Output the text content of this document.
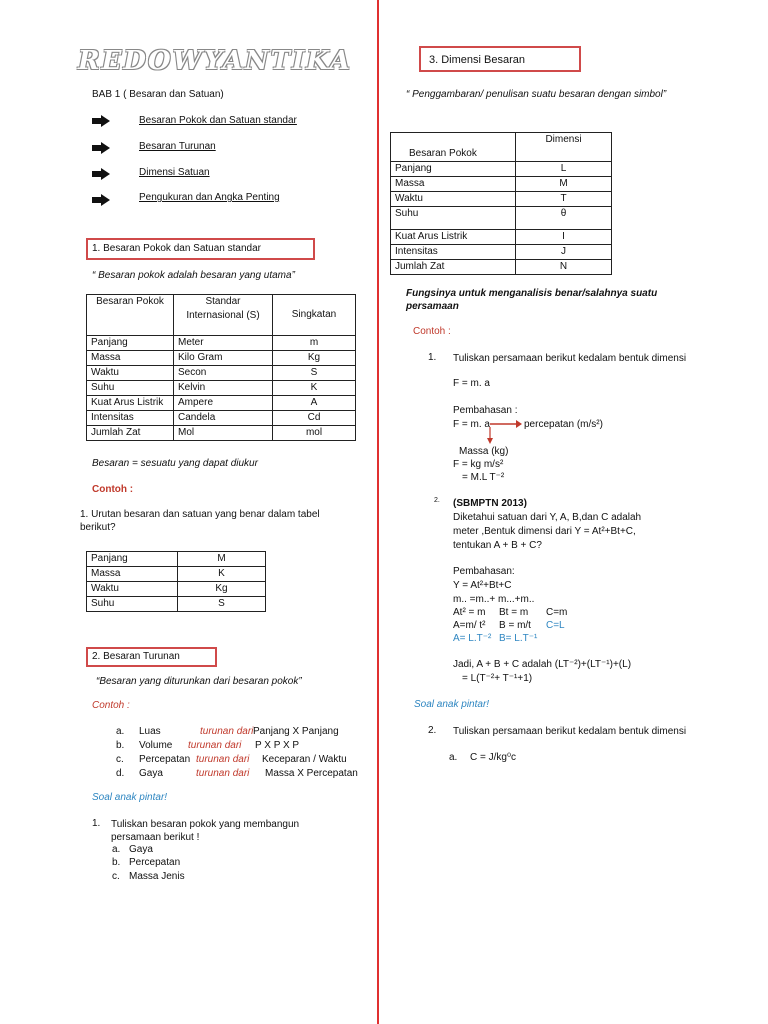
REDOWYANTIKA
BAB 1 ( Besaran dan Satuan)
Besaran Pokok dan Satuan standar
Besaran Turunan
Dimensi Satuan
Pengukuran dan Angka Penting
1. Besaran Pokok dan Satuan standar
“ Besaran pokok adalah besaran yang utama”
Besaran Pokok	Standar Internasional (S)	Singkatan
Panjang	Meter	m
Massa	Kilo Gram	Kg
Waktu	Secon	S
Suhu	Kelvin	K
Kuat Arus Listrik	Ampere	A
Intensitas	Candela	Cd
Jumlah Zat	Mol	mol
Besaran = sesuatu yang dapat diukur
Contoh :
1. Urutan besaran dan satuan yang benar dalam tabel berikut?
Panjang	M
Massa	K
Waktu	Kg
Suhu	S
2. Besaran Turunan
“Besaran yang diturunkan dari besaran pokok”
Contoh :
a. Luas	turunan dari Panjang X Panjang
b. Volume turunan dari P X P X P
c. Percepatan turunan dari Keceparan / Waktu
d. Gaya	turunan dari Massa X Percepatan
Soal anak pintar!
1. Tuliskan besaran pokok yang membangun persamaan berikut !
a. Gaya
b. Percepatan
c. Massa Jenis
3. Dimensi Besaran
“ Penggambaran/ penulisan suatu besaran dengan simbol”
Besaran Pokok	Dimensi
Panjang	L
Massa	M
Waktu	T
Suhu	θ
Kuat Arus Listrik	I
Intensitas	J
Jumlah Zat	N
Fungsinya untuk menganalisis benar/salahnya suatu persamaan
Contoh :
1. Tuliskan persamaan berikut kedalam bentuk dimensi
F = m. a
Pembahasan :
F = m. a	percepatan (m/s²)
Massa (kg)
F = kg m/s²
= M.L T⁻²
2. (SBMPTN 2013)
Diketahui satuan dari Y, A, B,dan C adalah
meter ,Bentuk dimensi dari Y = At²+Bt+C,
tentukan A + B + C?
Pembahasan:
Y = At²+Bt+C
m.. =m..+ m...+m..
At² = m Bt = m C=m
A=m/ t² B = m/t C=L
A= L.T⁻² B= L.T⁻¹
Jadi, A + B + C adalah (LT⁻²)+(LT⁻¹)+(L)
= L(T⁻²+ T⁻¹+1)
Soal anak pintar!
2. Tuliskan persamaan berikut kedalam bentuk dimensi
a. C = J/kg⁰c
